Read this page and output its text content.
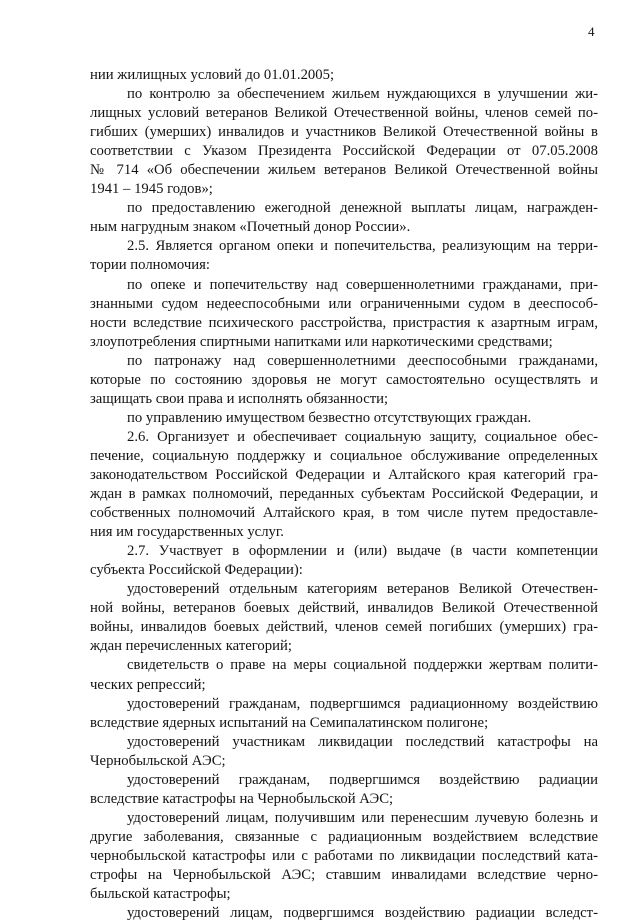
4
нии жилищных условий до 01.01.2005;
по контролю за обеспечением жильем нуждающихся в улучшении жи-
лищных условий ветеранов Великой Отечественной войны, членов семей по-
гибших (умерших) инвалидов и участников Великой Отечественной войны в
соответствии с Указом Президента Российской Федерации от 07.05.2008
№ 714 «Об обеспечении жильем ветеранов Великой Отечественной войны
1941 – 1945 годов»;
по предоставлению ежегодной денежной выплаты лицам, награжден-
ным нагрудным знаком «Почетный донор России».
2.5. Является органом опеки и попечительства, реализующим на терри-
тории полномочия:
по опеке и попечительству над совершеннолетними гражданами, при-
знанными судом недееспособными или ограниченными судом в дееспособ-
ности вследствие психического расстройства, пристрастия к азартным играм,
злоупотребления спиртными напитками или наркотическими средствами;
по патронажу над совершеннолетними дееспособными гражданами,
которые по состоянию здоровья не могут самостоятельно осуществлять и
защищать свои права и исполнять обязанности;
по управлению имуществом безвестно отсутствующих граждан.
2.6. Организует и обеспечивает социальную защиту, социальное обес-
печение, социальную поддержку и социальное обслуживание определенных
законодательством Российской Федерации и Алтайского края категорий гра-
ждан в рамках полномочий, переданных субъектам Российской Федерации, и
собственных полномочий Алтайского края, в том числе путем предоставле-
ния им государственных услуг.
2.7. Участвует в оформлении и (или) выдаче (в части компетенции
субъекта Российской Федерации):
удостоверений отдельным категориям ветеранов Великой Отечествен-
ной войны, ветеранов боевых действий, инвалидов Великой Отечественной
войны, инвалидов боевых действий, членов семей погибших (умерших) гра-
ждан перечисленных категорий;
свидетельств о праве на меры социальной поддержки жертвам полити-
ческих репрессий;
удостоверений гражданам, подвергшимся радиационному воздействию
вследствие ядерных испытаний на Семипалатинском полигоне;
удостоверений участникам ликвидации последствий катастрофы на
Чернобыльской АЭС;
удостоверений гражданам, подвергшимся воздействию радиации
вследствие катастрофы на Чернобыльской АЭС;
удостоверений лицам, получившим или перенесшим лучевую болезнь и
другие заболевания, связанные с радиационным воздействием вследствие
чернобыльской катастрофы или с работами по ликвидации последствий ката-
строфы на Чернобыльской АЭС; ставшим инвалидами вследствие черно-
быльской катастрофы;
удостоверений лицам, подвергшимся воздействию радиации вследст-
